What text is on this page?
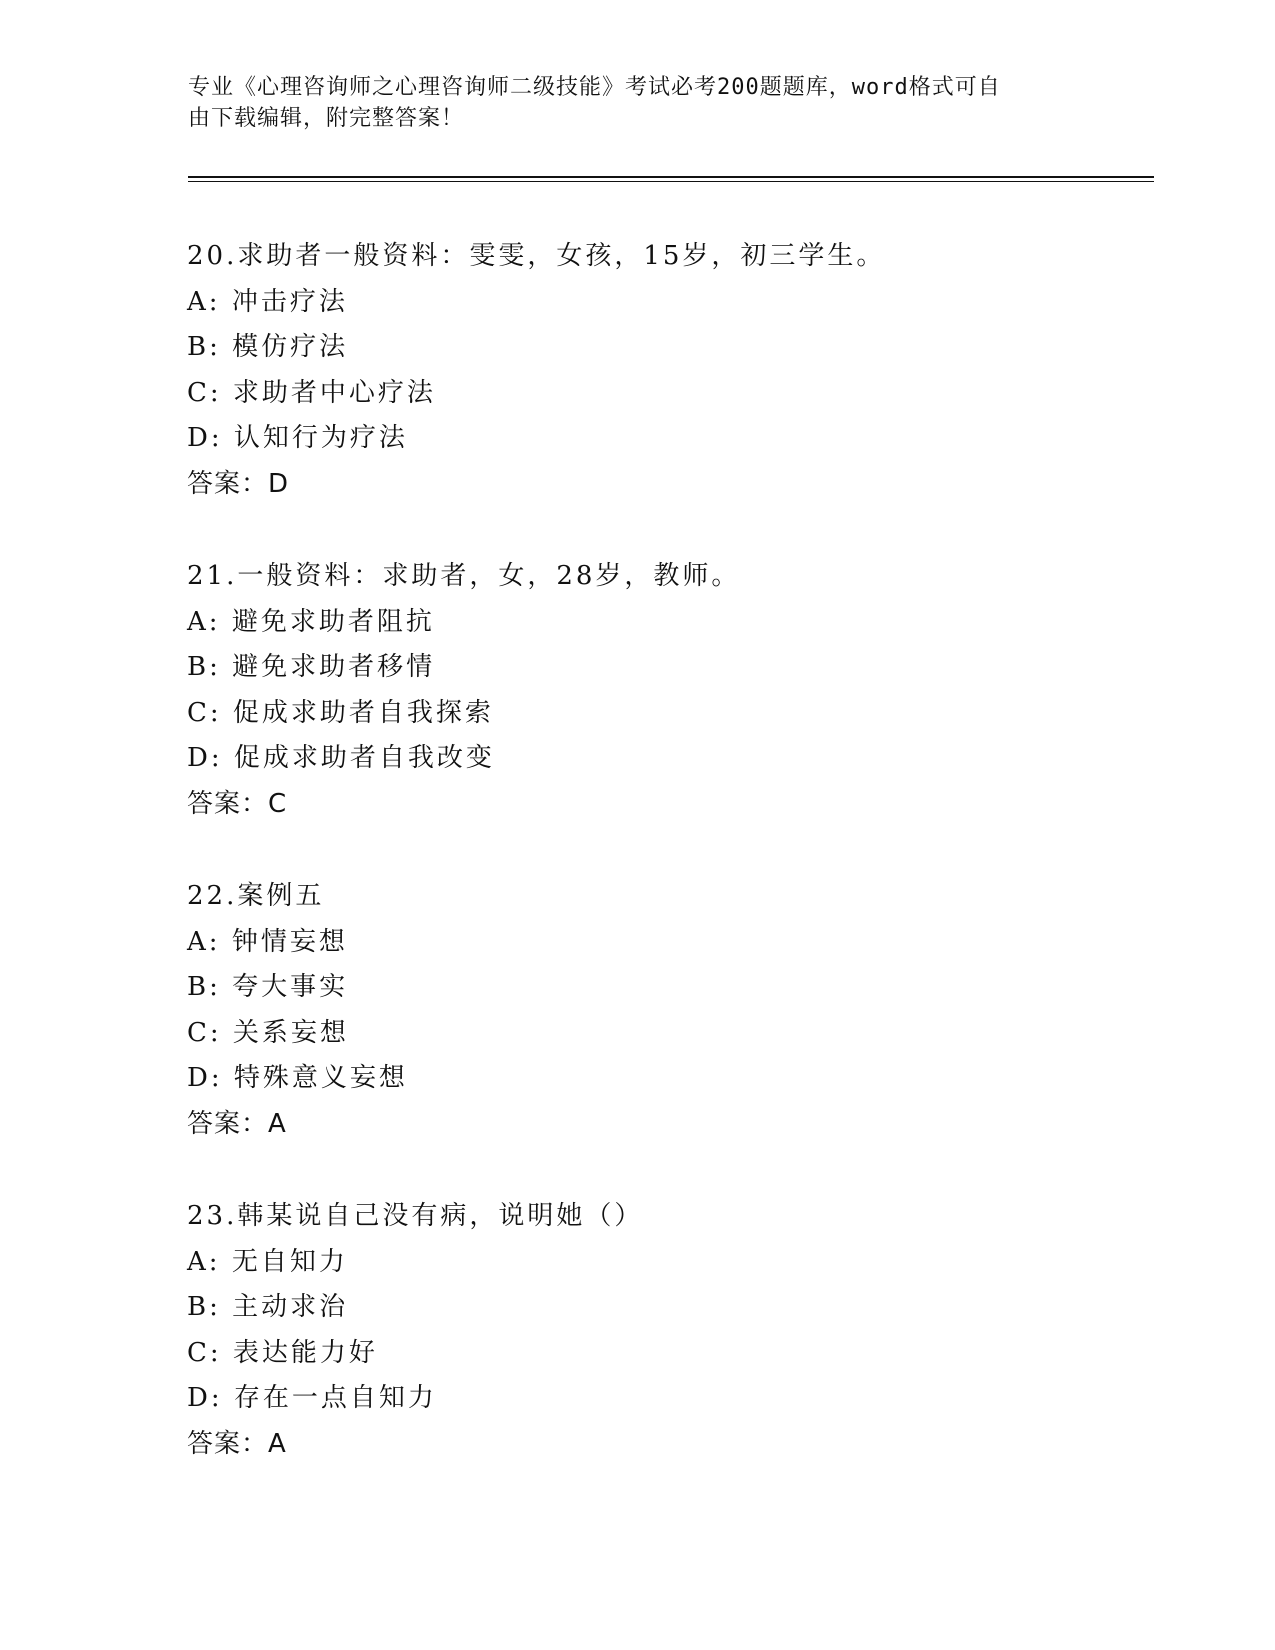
专业《心理咨询师之心理咨询师二级技能》考试必考200题题库，word格式可自
由下载编辑，附完整答案！
20.求助者一般资料：雯雯，女孩，15岁，初三学生。
A: 冲击疗法
B: 模仿疗法
C: 求助者中心疗法
D: 认知行为疗法
答案：D
21.一般资料：求助者，女，28岁，教师。
A: 避免求助者阻抗
B: 避免求助者移情
C: 促成求助者自我探索
D: 促成求助者自我改变
答案：C
22.案例五
A: 钟情妄想
B: 夸大事实
C: 关系妄想
D: 特殊意义妄想
答案：A
23.韩某说自己没有病，说明她（）
A: 无自知力
B: 主动求治
C: 表达能力好
D: 存在一点自知力
答案：A
